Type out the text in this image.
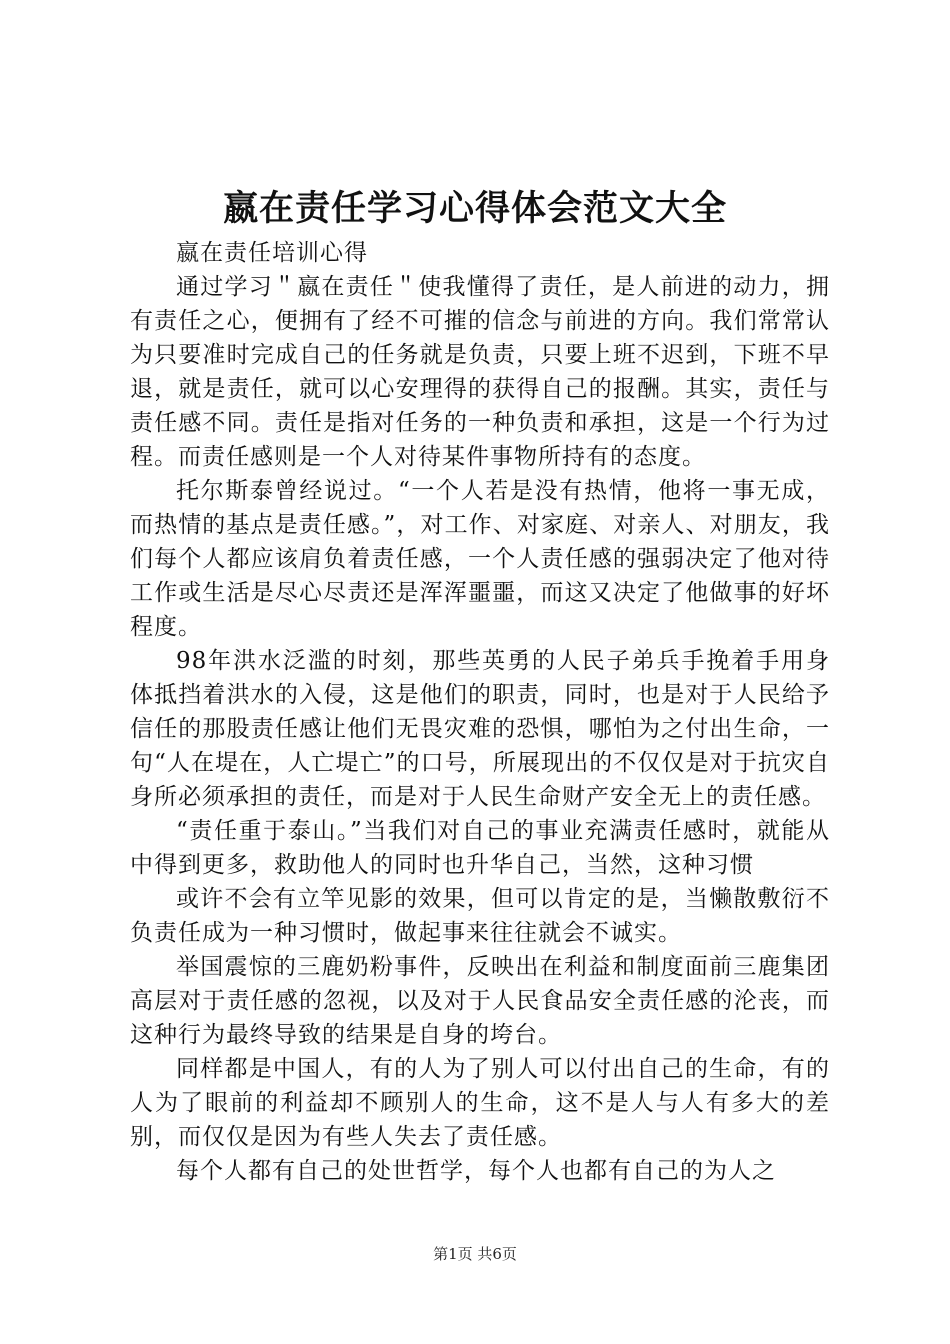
嬴在责任学习心得体会范文大全

嬴在责任培训心得

通过学习＂嬴在责任＂使我懂得了责任，是人前进的动力，拥有责任之心，便拥有了经不可摧的信念与前进的方向。我们常常认为只要准时完成自己的任务就是负责，只要上班不迟到，下班不早退，就是责任，就可以心安理得的获得自己的报酬。其实，责任与责任感不同。责任是指对任务的一种负责和承担，这是一个行为过程。而责任感则是一个人对待某件事物所持有的态度。

托尔斯泰曾经说过。“一个人若是没有热情，他将一事无成，而热情的基点是责任感。”，对工作、对家庭、对亲人、对朋友，我们每个人都应该肩负着责任感，一个人责任感的强弱决定了他对待工作或生活是尽心尽责还是浑浑噩噩，而这又决定了他做事的好坏程度。

98年洪水泛滥的时刻，那些英勇的人民子弟兵手挽着手用身体抵挡着洪水的入侵，这是他们的职责，同时，也是对于人民给予信任的那股责任感让他们无畏灾难的恐惧，哪怕为之付出生命，一句“人在堤在，人亡堤亡”的口号，所展现出的不仅仅是对于抗灾自身所必须承担的责任，而是对于人民生命财产安全无上的责任感。

“责任重于泰山。”当我们对自己的事业充满责任感时，就能从中得到更多，救助他人的同时也升华自己，当然，这种习惯

或许不会有立竿见影的效果，但可以肯定的是，当懒散敷衍不负责任成为一种习惯时，做起事来往往就会不诚实。

举国震惊的三鹿奶粉事件，反映出在利益和制度面前三鹿集团高层对于责任感的忽视，以及对于人民食品安全责任感的沦丧，而这种行为最终导致的结果是自身的垮台。

同样都是中国人，有的人为了别人可以付出自己的生命，有的人为了眼前的利益却不顾别人的生命，这不是人与人有多大的差别，而仅仅是因为有些人失去了责任感。

每个人都有自己的处世哲学，每个人也都有自己的为人之

第1页 共6页
